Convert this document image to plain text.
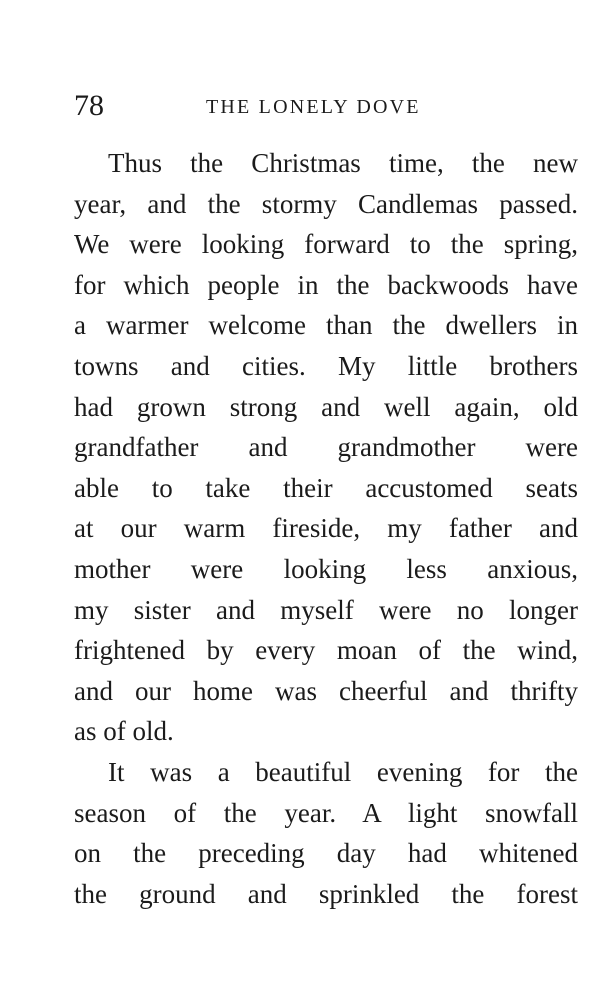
78	THE LONELY DOVE
Thus the Christmas time, the new
year, and the stormy Candlemas passed.
We were looking forward to the spring,
for which people in the backwoods have
a warmer welcome than the dwellers in
towns and cities. My little brothers
had grown strong and well again, old
grandfather and grandmother were
able to take their accustomed seats
at our warm fireside, my father and
mother were looking less anxious,
my sister and myself were no longer
frightened by every moan of the wind,
and our home was cheerful and thrifty
as of old.
It was a beautiful evening for the
season of the year. A light snowfall
on the preceding day had whitened
the ground and sprinkled the forest
